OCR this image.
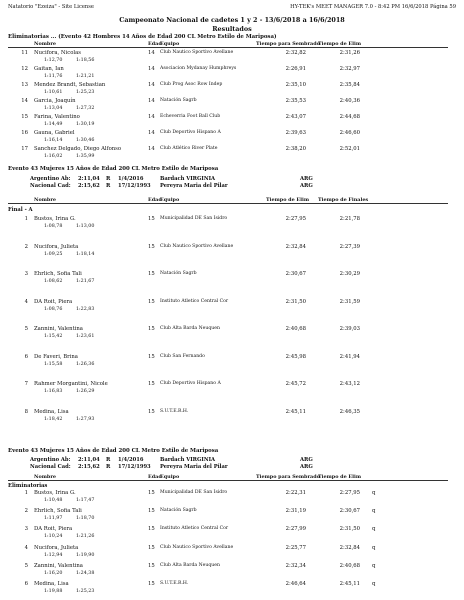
Natatorio "Ezeiza" - Site License	HY-TEK's MEET MANAGER 7.0 - 8:42 PM 16/6/2018 Página 59
Campeonato Nacional de cadetes 1 y 2 - 13/6/2018 a 16/6/2018
Resultados
Eliminatorias ... (Evento 42 Hombres 14 Años de Edad 200 CL Metro Estilo de Mariposa)
Nombre	Edad
Equipo	Tiempo para Sembrado
Tiempo de Elim
11 Nucifora, Nicolas	14 Club Nautico Sportivo Avellane	2:32,82	2:31,26
1:12,70	1:18,56
12 Gaitan, Ian	14 Asociacion Mydanay Humphreys	2:26,91	2:32,97
1:11,76	1:21,21
13 Mendez Brandt, Sebastian	14 Club Prog Asoc Row Indep	2:35,10	2:35,84
1:10,61	1:25,23
14 Garcia, Joaquín	14 Natación Sagrb	2:35,53	2:40,36
1:13,04	1:27,32
15 Farina, Valentino	14 Echeverria Foot Ball Club	2:43,07	2:44,68
1:14,49	1:30,19
16 Gauna, Gabriel	14 Club Deportivo Hispano A	2:39,63	2:46,60
1:16,14	1:30,46
17 Sanchez Delgado, Diego Alfonso	14 Club Atlético River Plate	2:38,20	2:52,01
1:16,02	1:35,99
Evento 43 Mujeres 15 Años de Edad 200 CL Metro Estilo de Mariposa
Argentino Ab: 2:11,04 R 1/4/2016	Bardach VIRGINIA	ARG
Nacional Cad: 2:15,62 R 17/12/1993 Pereyra Maria del Pilar	ARG
Nombre	Edad
Equipo	Tiempo de Elim Tiempo de Finales
Final - A
1 Bustos, Irina G.	15 Municipalidad DE San Isidro	2:27,95	2:21,78
1:08,78	1:13,00
2 Nucifora, Julieta	15 Club Nautico Sportivo Avellane	2:32,84	2:27,39
1:09,25	1:18,14
3 Ehrlich, Sofia Tali	15 Natación Sagrb	2:30,67	2:30,29
1:08,62	1:21,67
4 DA Roit, Piera	15 Instituto Atletico Central Cor	2:31,50	2:31,59
1:08,76	1:22,83
5 Zannini, Valentina	15 Club Alta Barda Neuquen	2:40,68	2:39,03
1:15,42	1:23,61
6 De Faveri, Brina	15 Club San Fernando	2:45,98	2:41,94
1:15,58	1:26,36
7 Rahmer Morgantini, Nicole	15 Club Deportivo Hispano A	2:45,72	2:43,12
1:16,83	1:26,29
8 Medina, Lisa	15 S.U.T.E.R.H.	2:45,11	2:46,35
1:18,42	1:27,93
Evento 43 Mujeres 15 Años de Edad 200 CL Metro Estilo de Mariposa
Argentino Ab: 2:11,04 R 1/4/2016	Bardach VIRGINIA	ARG
Nacional Cad: 2:15,62 R 17/12/1993 Pereyra Maria del Pilar	ARG
Nombre	Edad
Equipo	Tiempo para Sembrado
Tiempo de Elim
Eliminatorias
1 Bustos, Irina G.	15 Municipalidad DE San Isidro	2:22,31	2:27,95 q
1:10,48	1:17,47
2 Ehrlich, Sofia Tali	15 Natación Sagrb	2:31,19	2:30,67 q
1:11,97	1:18,70
3 DA Roit, Piera	15 Instituto Atletico Central Cor	2:27,99	2:31,50 q
1:10,24	1:21,26
4 Nucifora, Julieta	15 Club Nautico Sportivo Avellane	2:25,77	2:32,84 q
1:12,94	1:19,90
5 Zannini, Valentina	15 Club Alta Barda Neuquen	2:32,34	2:40,68 q
1:16,20	1:24,38
6 Medina, Lisa	15 S.U.T.E.R.H.	2:46,64	2:45,11 q
1:19,88	1:25,23
